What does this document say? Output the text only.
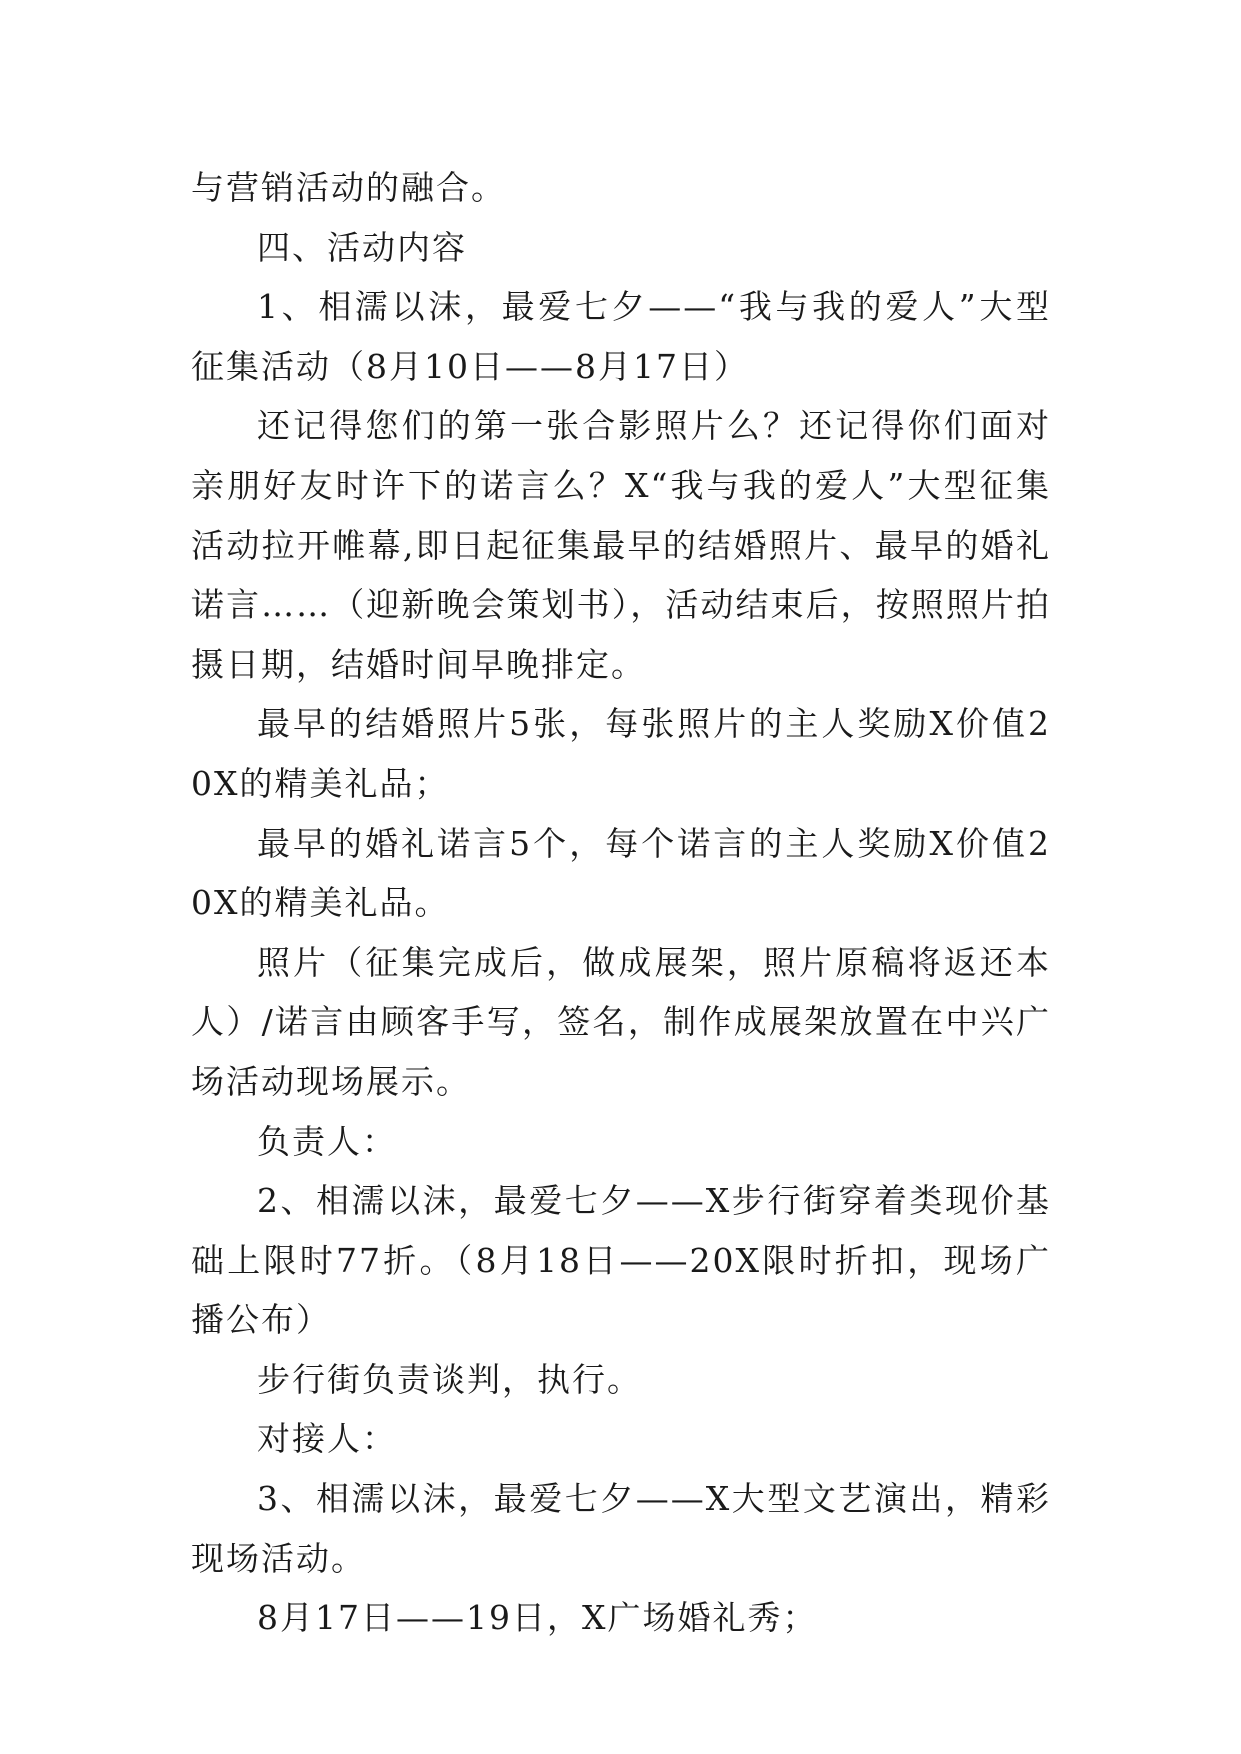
与营销活动的融合。

四、活动内容

1、相濡以沫，最爱七夕——“我与我的爱人”大型征集活动（8月10日——8月17日）

还记得您们的第一张合影照片么？还记得你们面对亲朋好友时许下的诺言么？X“我与我的爱人”大型征集活动拉开帷幕,即日起征集最早的结婚照片、最早的婚礼诺言……（迎新晚会策划书），活动结束后，按照照片拍摄日期，结婚时间早晚排定。

最早的结婚照片5张，每张照片的主人奖励X价值20X的精美礼品；

最早的婚礼诺言5个，每个诺言的主人奖励X价值20X的精美礼品。

照片（征集完成后，做成展架，照片原稿将返还本人）/诺言由顾客手写，签名，制作成展架放置在中兴广场活动现场展示。

负责人：

2、相濡以沫，最爱七夕——X步行街穿着类现价基础上限时77折。（8月18日——20X限时折扣，现场广播公布）

步行街负责谈判，执行。

对接人：

3、相濡以沫，最爱七夕——X大型文艺演出，精彩现场活动。

8月17日——19日，X广场婚礼秀；
